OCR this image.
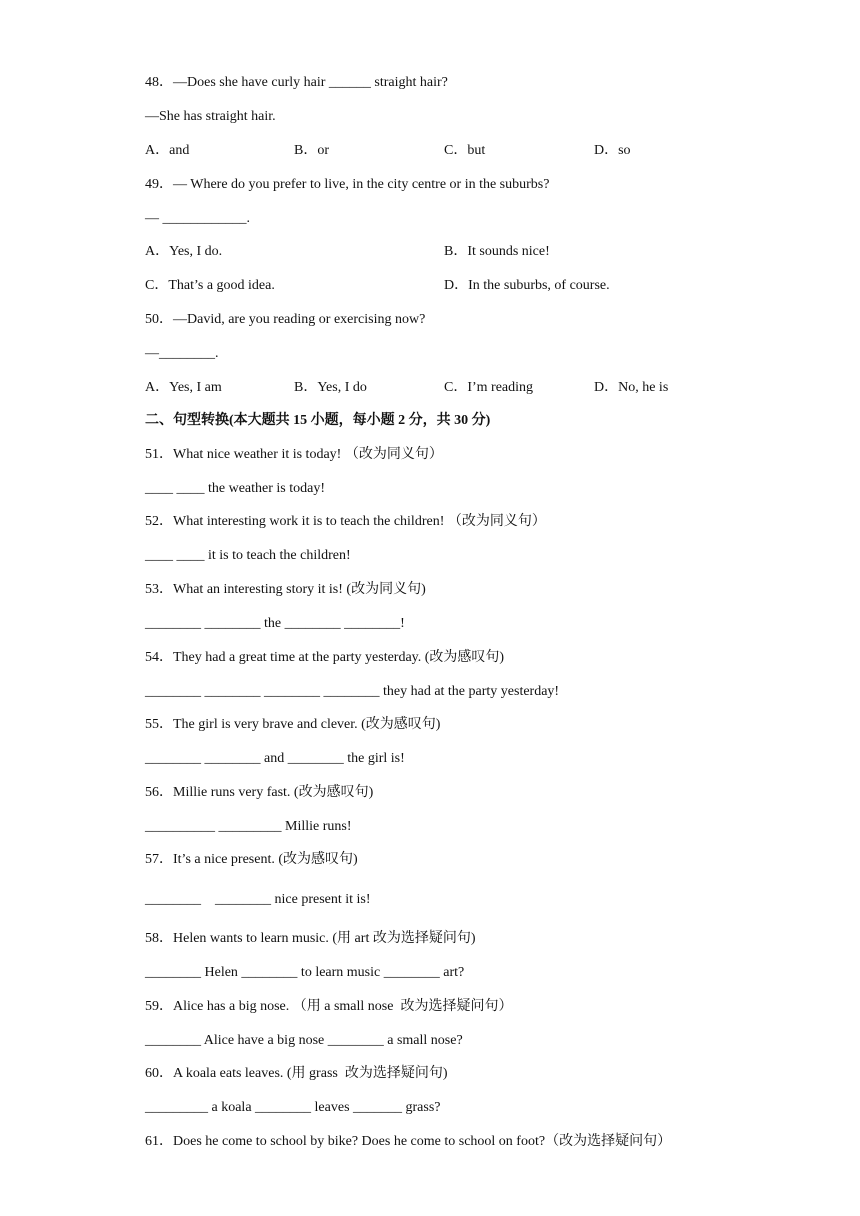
48．—Does she have curly hair ______ straight hair?
—She has straight hair.
A．and	B．or	C．but	D．so
49．— Where do you prefer to live, in the city centre or in the suburbs?
— ____________.
A．Yes, I do.	B．It sounds nice!
C．That’s a good idea.	D．In the suburbs, of course.
50．—David, are you reading or exercising now?
—________.
A．Yes, I am	B．Yes, I do	C．I’m reading	D．No, he is
二、句型转换(本大题共 15 小题，每小题 2 分，共 30 分)
51．What nice weather it is today! （改为同义句）
____ ____ the weather is today!
52．What interesting work it is to teach the children! （改为同义句）
____ ____ it is to teach the children!
53．What an interesting story it is! (改为同义句)
________ ________ the ________ ________!
54．They had a great time at the party yesterday. (改为感叹句)
________ ________ ________ ________ they had at the party yesterday!
55．The girl is very brave and clever. (改为感叹句)
________ ________ and ________ the girl is!
56．Millie runs very fast. (改为感叹句)
__________ _________ Millie runs!
57．It’s a nice present. (改为感叹句)
________    ________ nice present it is!
58．Helen wants to learn music. (用 art 改为选择疑问句)
________ Helen ________ to learn music ________ art?
59．Alice has a big nose. （用 a small nose  改为选择疑问句）
________ Alice have a big nose ________ a small nose?
60．A koala eats leaves. (用 grass  改为选择疑问句)
_________ a koala ________ leaves _______ grass?
61．Does he come to school by bike? Does he come to school on foot?（改为选择疑问句）
